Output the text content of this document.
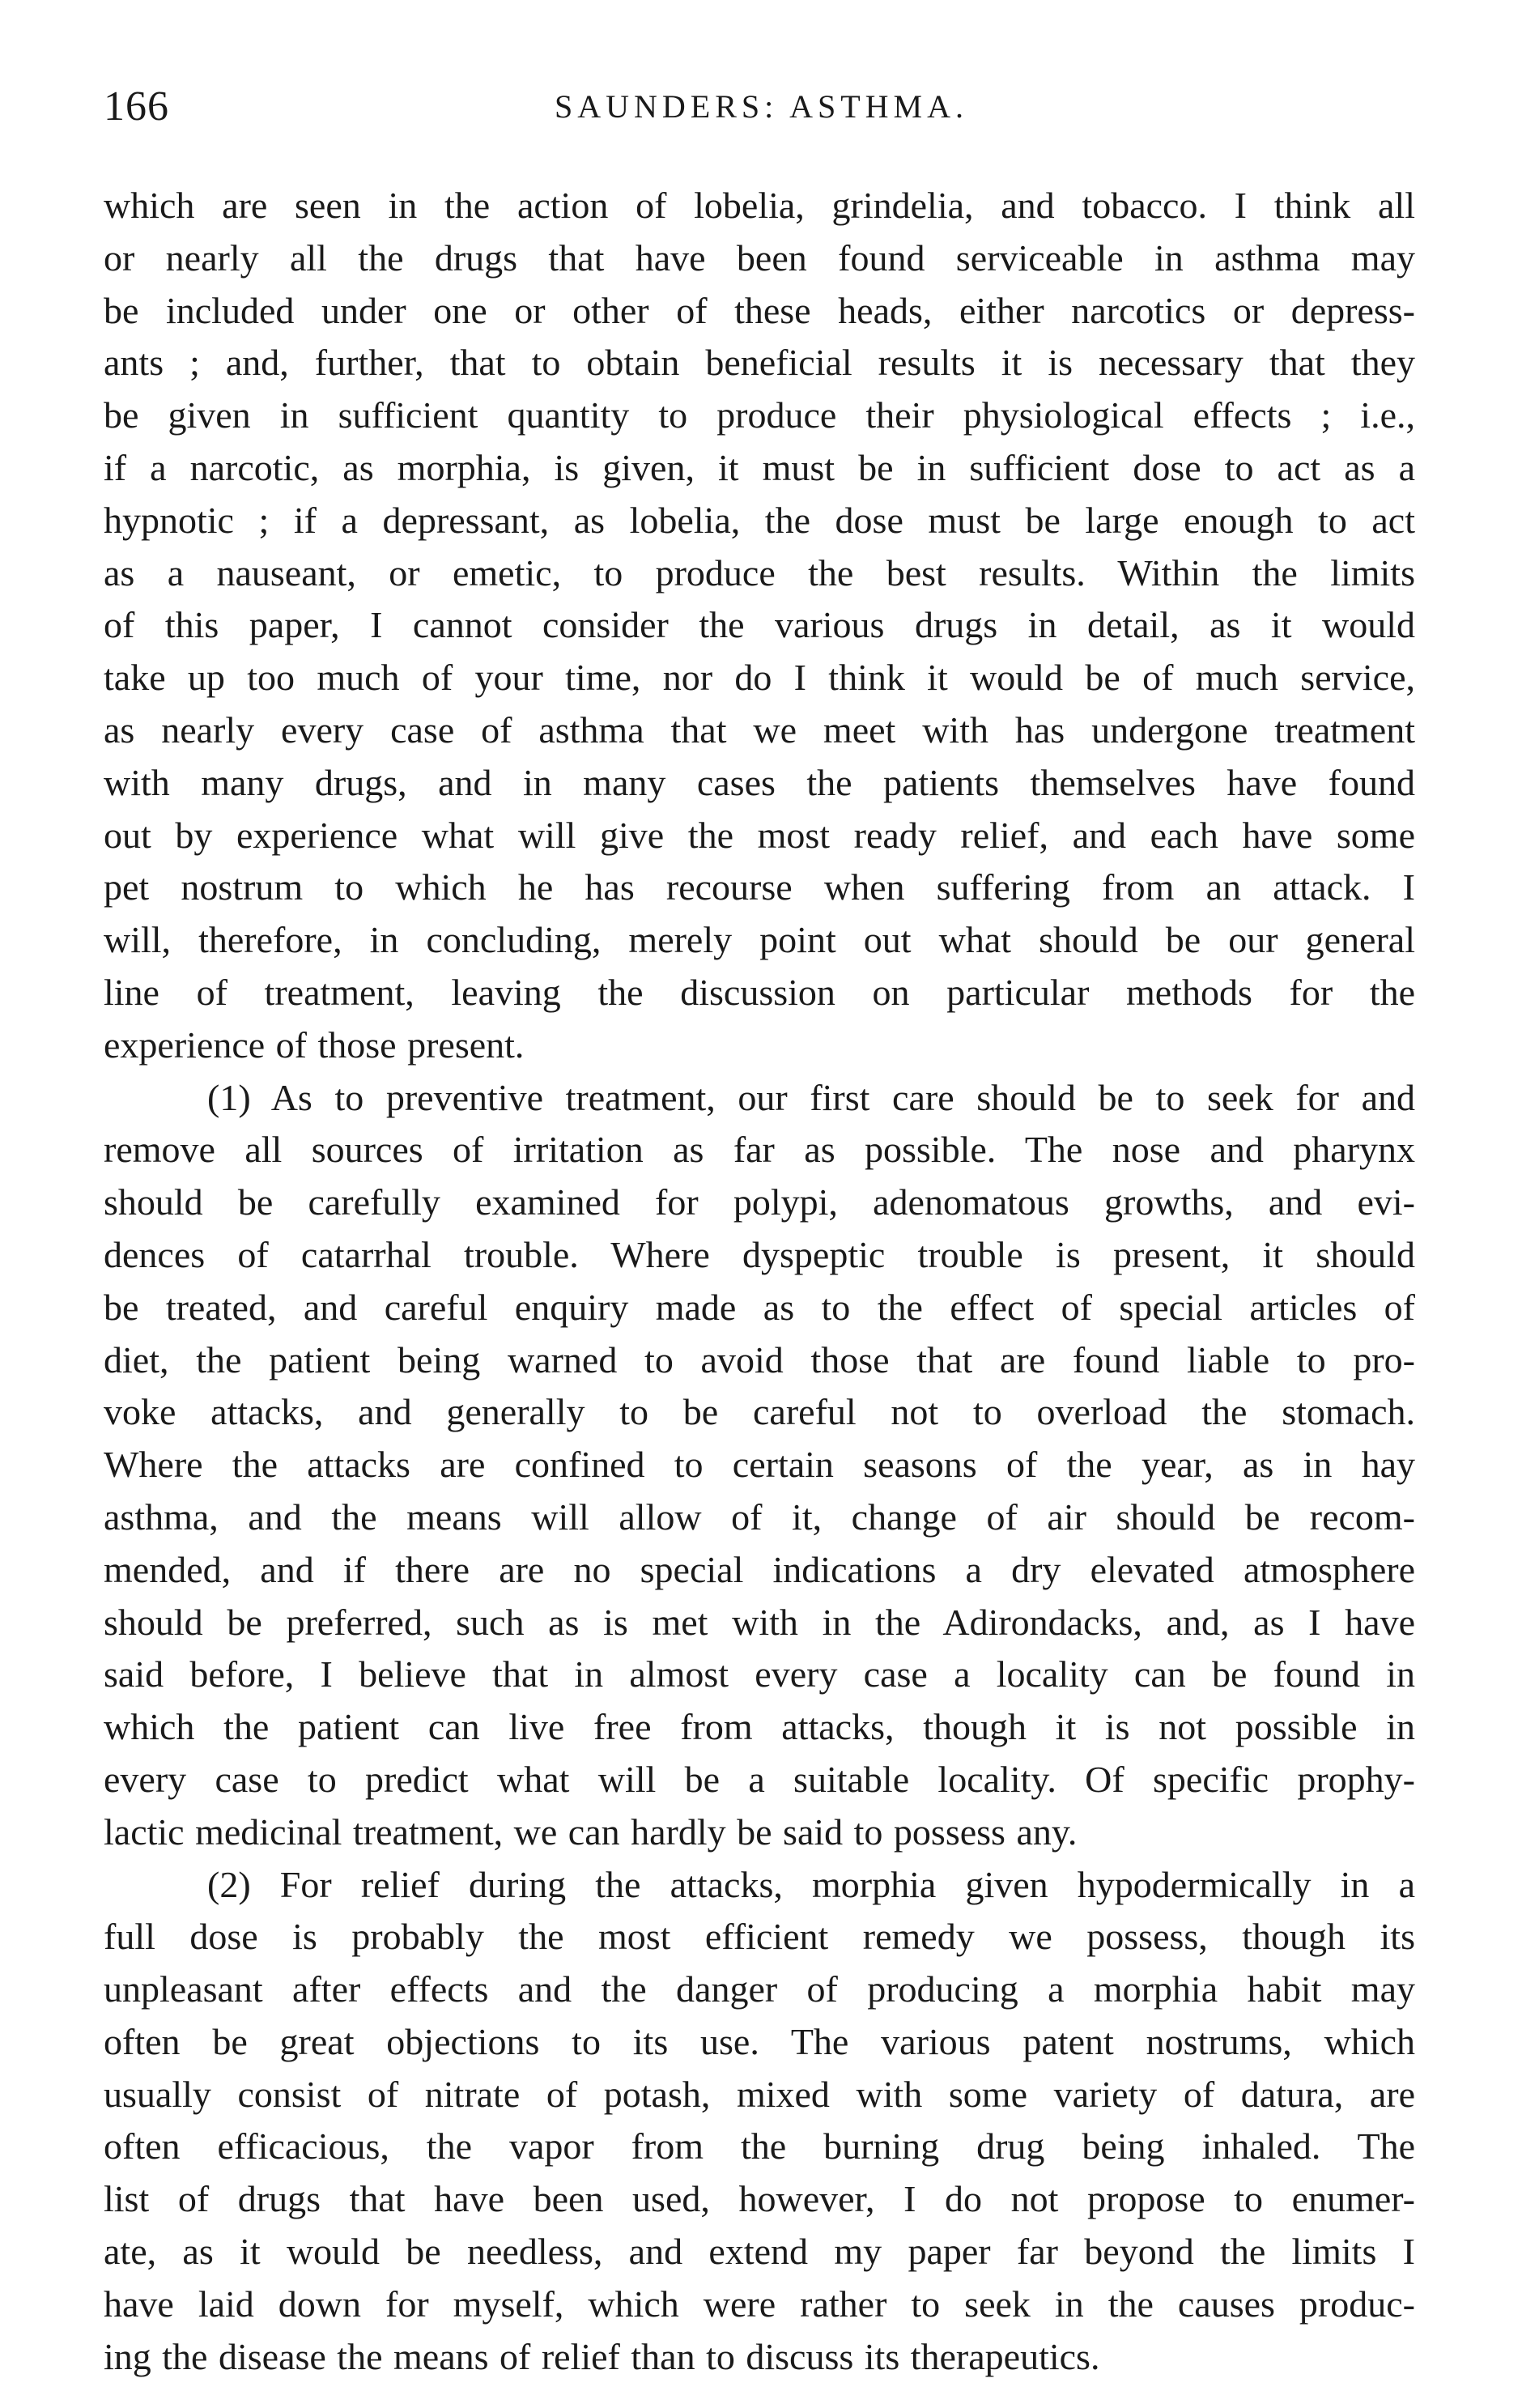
166	SAUNDERS: ASTHMA.
which are seen in the action of lobelia, grindelia, and tobacco. I think all
or nearly all the drugs that have been found serviceable in asthma may
be included under one or other of these heads, either narcotics or depress-
ants ; and, further, that to obtain beneficial results it is necessary that they
be given in sufficient quantity to produce their physiological effects ; i.e.,
if a narcotic, as morphia, is given, it must be in sufficient dose to act as a
hypnotic ; if a depressant, as lobelia, the dose must be large enough to act
as a nauseant, or emetic, to produce the best results. Within the limits
of this paper, I cannot consider the various drugs in detail, as it would
take up too much of your time, nor do I think it would be of much service,
as nearly every case of asthma that we meet with has undergone treatment
with many drugs, and in many cases the patients themselves have found
out by experience what will give the most ready relief, and each have some
pet nostrum to which he has recourse when suffering from an attack. I
will, therefore, in concluding, merely point out what should be our general
line of treatment, leaving the discussion on particular methods for the
experience of those present.
(1) As to preventive treatment, our first care should be to seek for and
remove all sources of irritation as far as possible. The nose and pharynx
should be carefully examined for polypi, adenomatous growths, and evi-
dences of catarrhal trouble. Where dyspeptic trouble is present, it should
be treated, and careful enquiry made as to the effect of special articles of
diet, the patient being warned to avoid those that are found liable to pro-
voke attacks, and generally to be careful not to overload the stomach.
Where the attacks are confined to certain seasons of the year, as in hay
asthma, and the means will allow of it, change of air should be recom-
mended, and if there are no special indications a dry elevated atmosphere
should be preferred, such as is met with in the Adirondacks, and, as I have
said before, I believe that in almost every case a locality can be found in
which the patient can live free from attacks, though it is not possible in
every case to predict what will be a suitable locality. Of specific prophy-
lactic medicinal treatment, we can hardly be said to possess any.
(2) For relief during the attacks, morphia given hypodermically in a
full dose is probably the most efficient remedy we possess, though its
unpleasant after effects and the danger of producing a morphia habit may
often be great objections to its use. The various patent nostrums, which
usually consist of nitrate of potash, mixed with some variety of datura, are
often efficacious, the vapor from the burning drug being inhaled. The
list of drugs that have been used, however, I do not propose to enumer-
ate, as it would be needless, and extend my paper far beyond the limits I
have laid down for myself, which were rather to seek in the causes produc-
ing the disease the means of relief than to discuss its therapeutics.
